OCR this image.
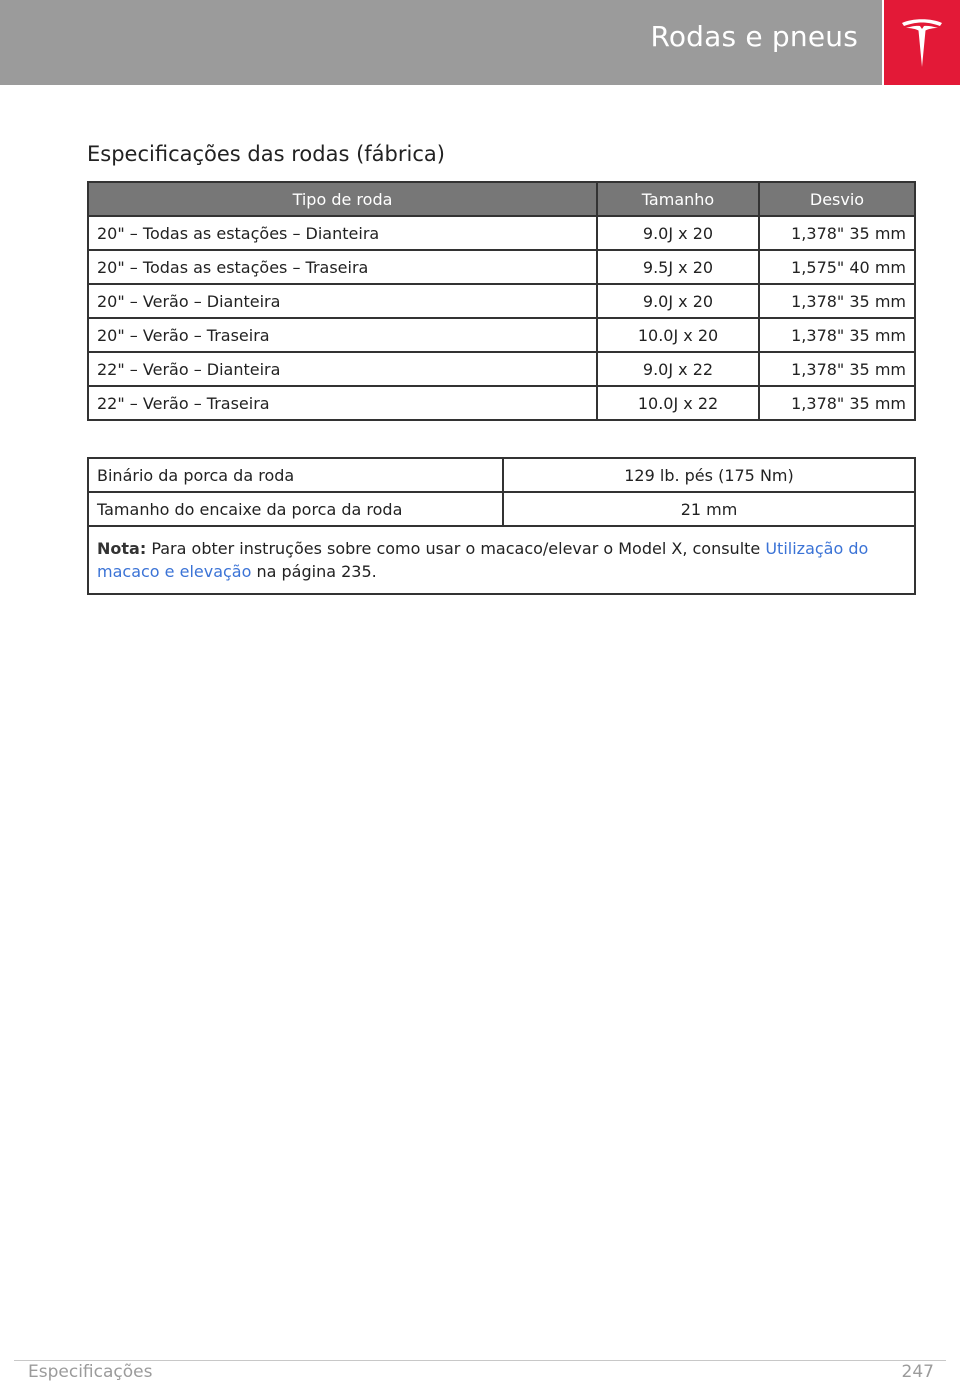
Rodas e pneus
Especificações das rodas (fábrica)
Tipo de roda	Tamanho	Desvio
20" – Todas as estações – Dianteira	9.0J x 20	1,378" 35 mm
20" – Todas as estações – Traseira	9.5J x 20	1,575" 40 mm
20" – Verão – Dianteira	9.0J x 20	1,378" 35 mm
20" – Verão – Traseira	10.0J x 20	1,378" 35 mm
22" – Verão – Dianteira	9.0J x 22	1,378" 35 mm
22" – Verão – Traseira	10.0J x 22	1,378" 35 mm
Binário da porca da roda	129 lb. pés (175 Nm)
Tamanho do encaixe da porca da roda	21 mm
Nota: Para obter instruções sobre como usar o macaco/elevar o Model X, consulte Utilização do macaco e elevação na página 235.	
Especificações	247
